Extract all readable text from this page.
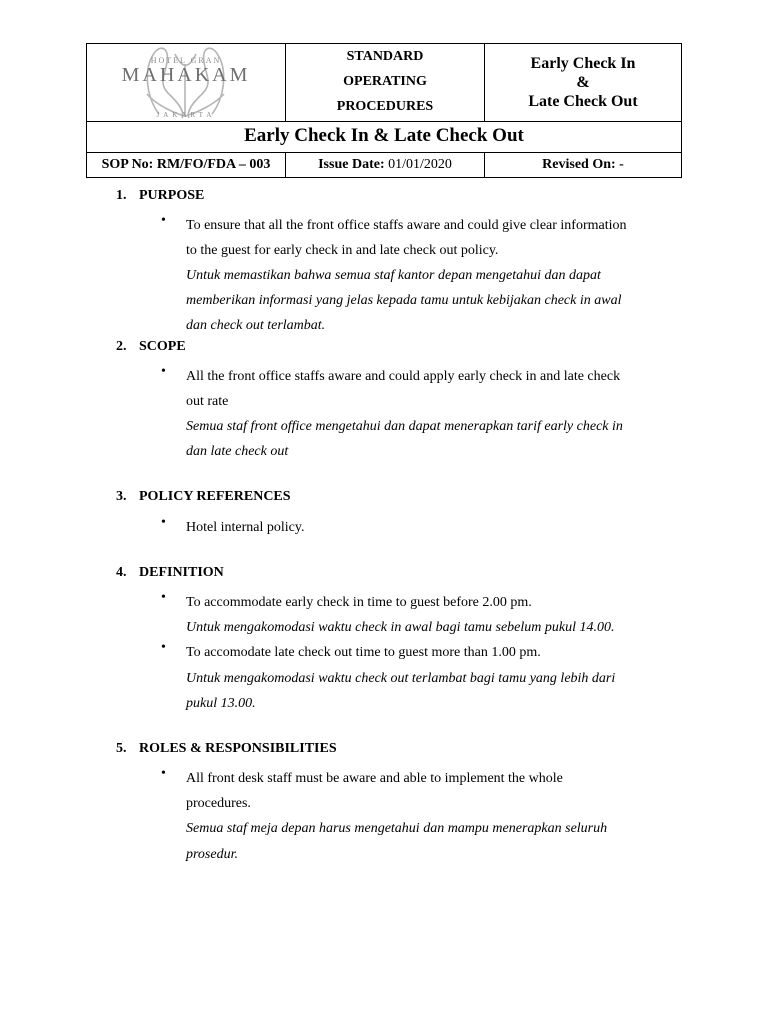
HOTEL GRAN
MAHAKAM
JAKARTA
STANDARD
OPERATING
PROCEDURES
Early Check In
&
Late Check Out
Early Check In & Late Check Out
SOP No: RM/FO/FDA – 003	Issue Date: 01/01/2020	Revised On: -
1. PURPOSE
• To ensure that all the front office staffs aware and could give clear information
to the guest for early check in and late check out policy.
Untuk memastikan bahwa semua staf kantor depan mengetahui dan dapat
memberikan informasi yang jelas kepada tamu untuk kebijakan check in awal
dan check out terlambat.
2. SCOPE
• All the front office staffs aware and could apply early check in and late check
out rate
Semua staf front office mengetahui dan dapat menerapkan tarif early check in
dan late check out
3. POLICY REFERENCES
• Hotel internal policy.
4. DEFINITION
• To accommodate early check in time to guest before 2.00 pm.
Untuk mengakomodasi waktu check in awal bagi tamu sebelum pukul 14.00.
• To accomodate late check out time to guest more than 1.00 pm.
Untuk mengakomodasi waktu check out terlambat bagi tamu yang lebih dari
pukul 13.00.
5. ROLES & RESPONSIBILITIES
• All front desk staff must be aware and able to implement the whole
procedures.
Semua staf meja depan harus mengetahui dan mampu menerapkan seluruh
prosedur.
